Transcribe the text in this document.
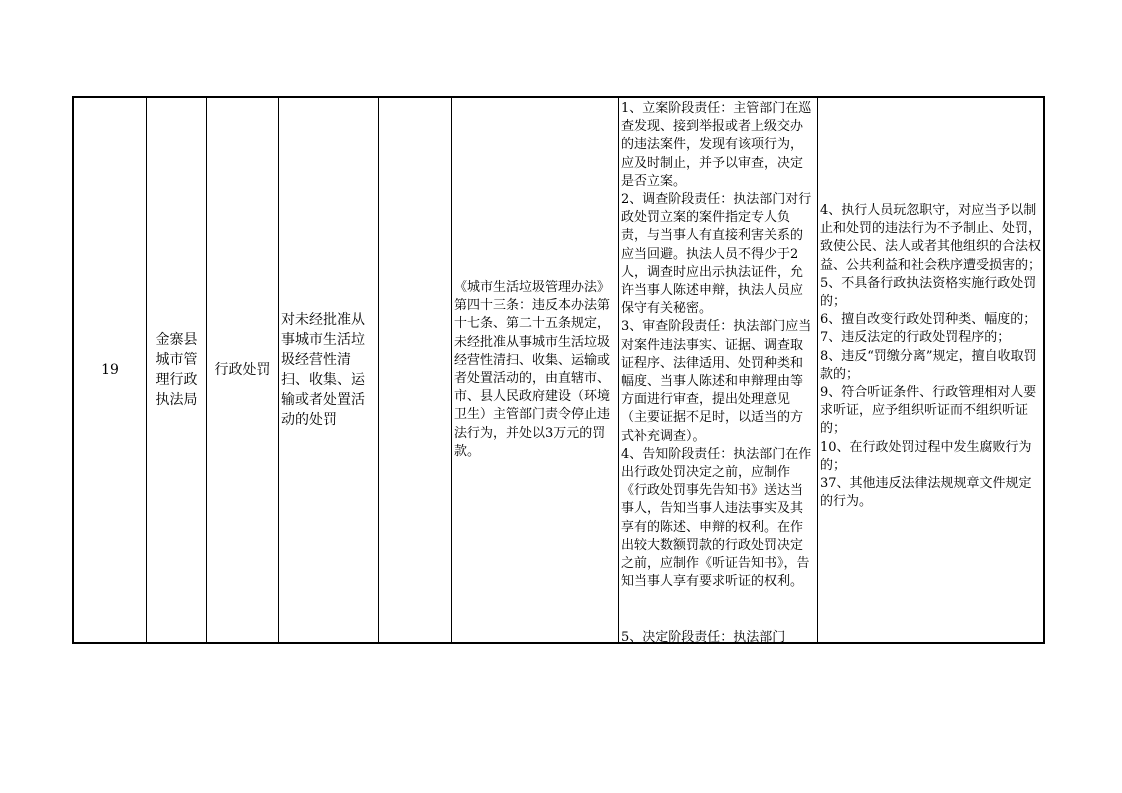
19
金寨县城市管理行政执法局
行政处罚
对未经批准从事城市生活垃圾经营性清扫、收集、运输或者处置活动的处罚
《城市生活垃圾管理办法》第四十三条：违反本办法第十七条、第二十五条规定，未经批准从事城市生活垃圾经营性清扫、收集、运输或者处置活动的，由直辖市、市、县人民政府建设（环境卫生）主管部门责令停止违法行为，并处以3万元的罚款。
1、立案阶段责任：主管部门在巡查发现、接到举报或者上级交办的违法案件，发现有该项行为，应及时制止，并予以审查，决定是否立案。
2、调查阶段责任：执法部门对行政处罚立案的案件指定专人负责，与当事人有直接利害关系的应当回避。执法人员不得少于2人，调查时应出示执法证件，允许当事人陈述申辩，执法人员应保守有关秘密。
3、审查阶段责任：执法部门应当对案件违法事实、证据、调查取证程序、法律适用、处罚种类和幅度、当事人陈述和申辩理由等方面进行审查，提出处理意见（主要证据不足时，以适当的方式补充调查）。
4、告知阶段责任：执法部门在作出行政处罚决定之前，应制作《行政处罚事先告知书》送达当事人，告知当事人违法事实及其享有的陈述、申辩的权利。在作出较大数额罚款的行政处罚决定之前，应制作《听证告知书》，告知当事人享有要求听证的权利。
5、决定阶段责任：执法部门
4、执行人员玩忽职守，对应当予以制止和处罚的违法行为不予制止、处罚，致使公民、法人或者其他组织的合法权益、公共利益和社会秩序遭受损害的；
5、不具备行政执法资格实施行政处罚的；
6、擅自改变行政处罚种类、幅度的；
7、违反法定的行政处罚程序的；
8、违反“罚缴分离”规定，擅自收取罚款的；
9、符合听证条件、行政管理相对人要求听证，应予组织听证而不组织听证的；
10、在行政处罚过程中发生腐败行为的；
37、其他违反法律法规规章文件规定的行为。
